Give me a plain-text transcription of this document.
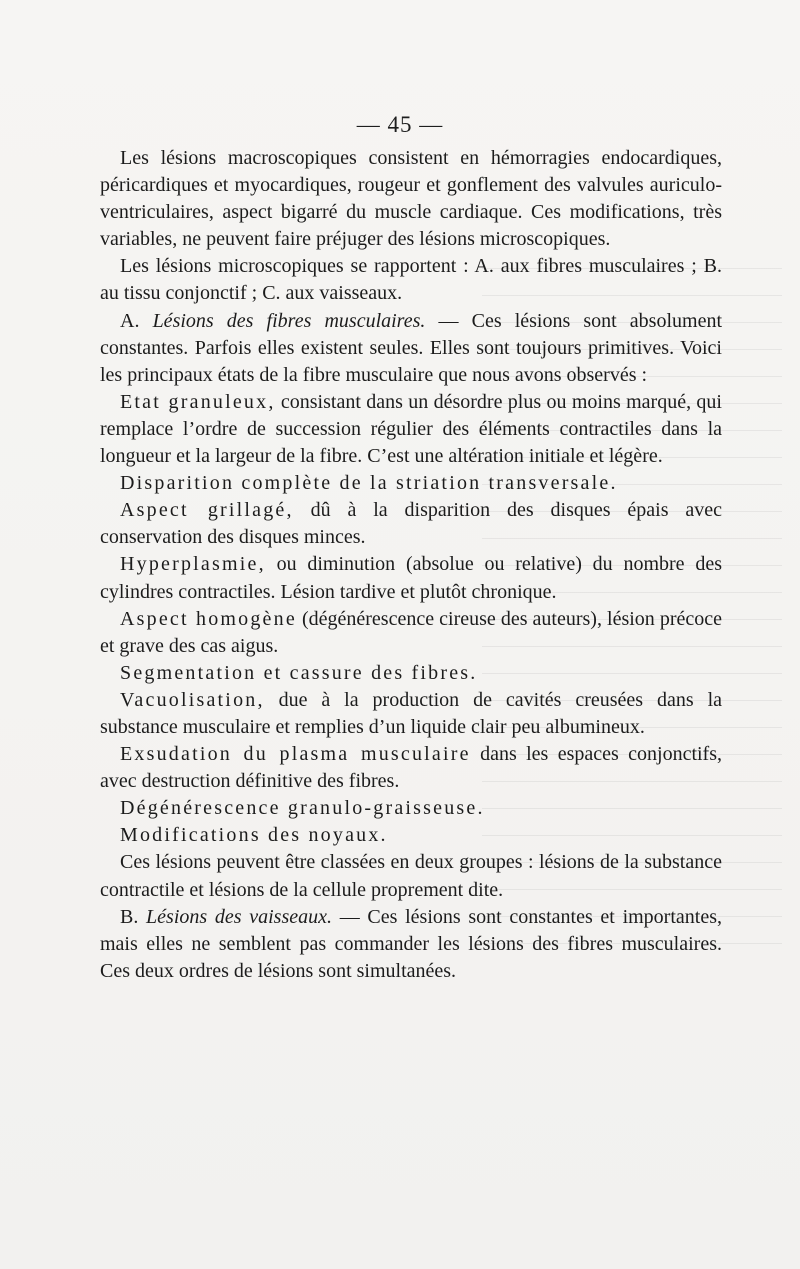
— 45 —

Les lésions macroscopiques consistent en hémorragies endocardiques, péricardiques et myocardiques, rougeur et gonflement des valvules auriculo-ventriculaires, aspect bigarré du muscle cardiaque. Ces modifications, très variables, ne peuvent faire préjuger des lésions microscopiques.

Les lésions microscopiques se rapportent : A. aux fibres musculaires ; B. au tissu conjonctif ; C. aux vaisseaux.

A. Lésions des fibres musculaires. — Ces lésions sont absolument constantes. Parfois elles existent seules. Elles sont toujours primitives. Voici les principaux états de la fibre musculaire que nous avons observés :

Etat granuleux, consistant dans un désordre plus ou moins marqué, qui remplace l’ordre de succession régulier des éléments contractiles dans la longueur et la largeur de la fibre. C’est une altération initiale et légère.

Disparition complète de la striation transversale.

Aspect grillagé, dû à la disparition des disques épais avec conservation des disques minces.

Hyperplasmie, ou diminution (absolue ou relative) du nombre des cylindres contractiles. Lésion tardive et plutôt chronique.

Aspect homogène (dégénérescence cireuse des auteurs), lésion précoce et grave des cas aigus.

Segmentation et cassure des fibres.

Vacuolisation, due à la production de cavités creusées dans la substance musculaire et remplies d’un liquide clair peu albumineux.

Exsudation du plasma musculaire dans les espaces conjonctifs, avec destruction définitive des fibres.

Dégénérescence granulo-graisseuse.

Modifications des noyaux.

Ces lésions peuvent être classées en deux groupes : lésions de la substance contractile et lésions de la cellule proprement dite.

B. Lésions des vaisseaux. — Ces lésions sont constantes et importantes, mais elles ne semblent pas commander les lésions des fibres musculaires. Ces deux ordres de lésions sont simultanées.
